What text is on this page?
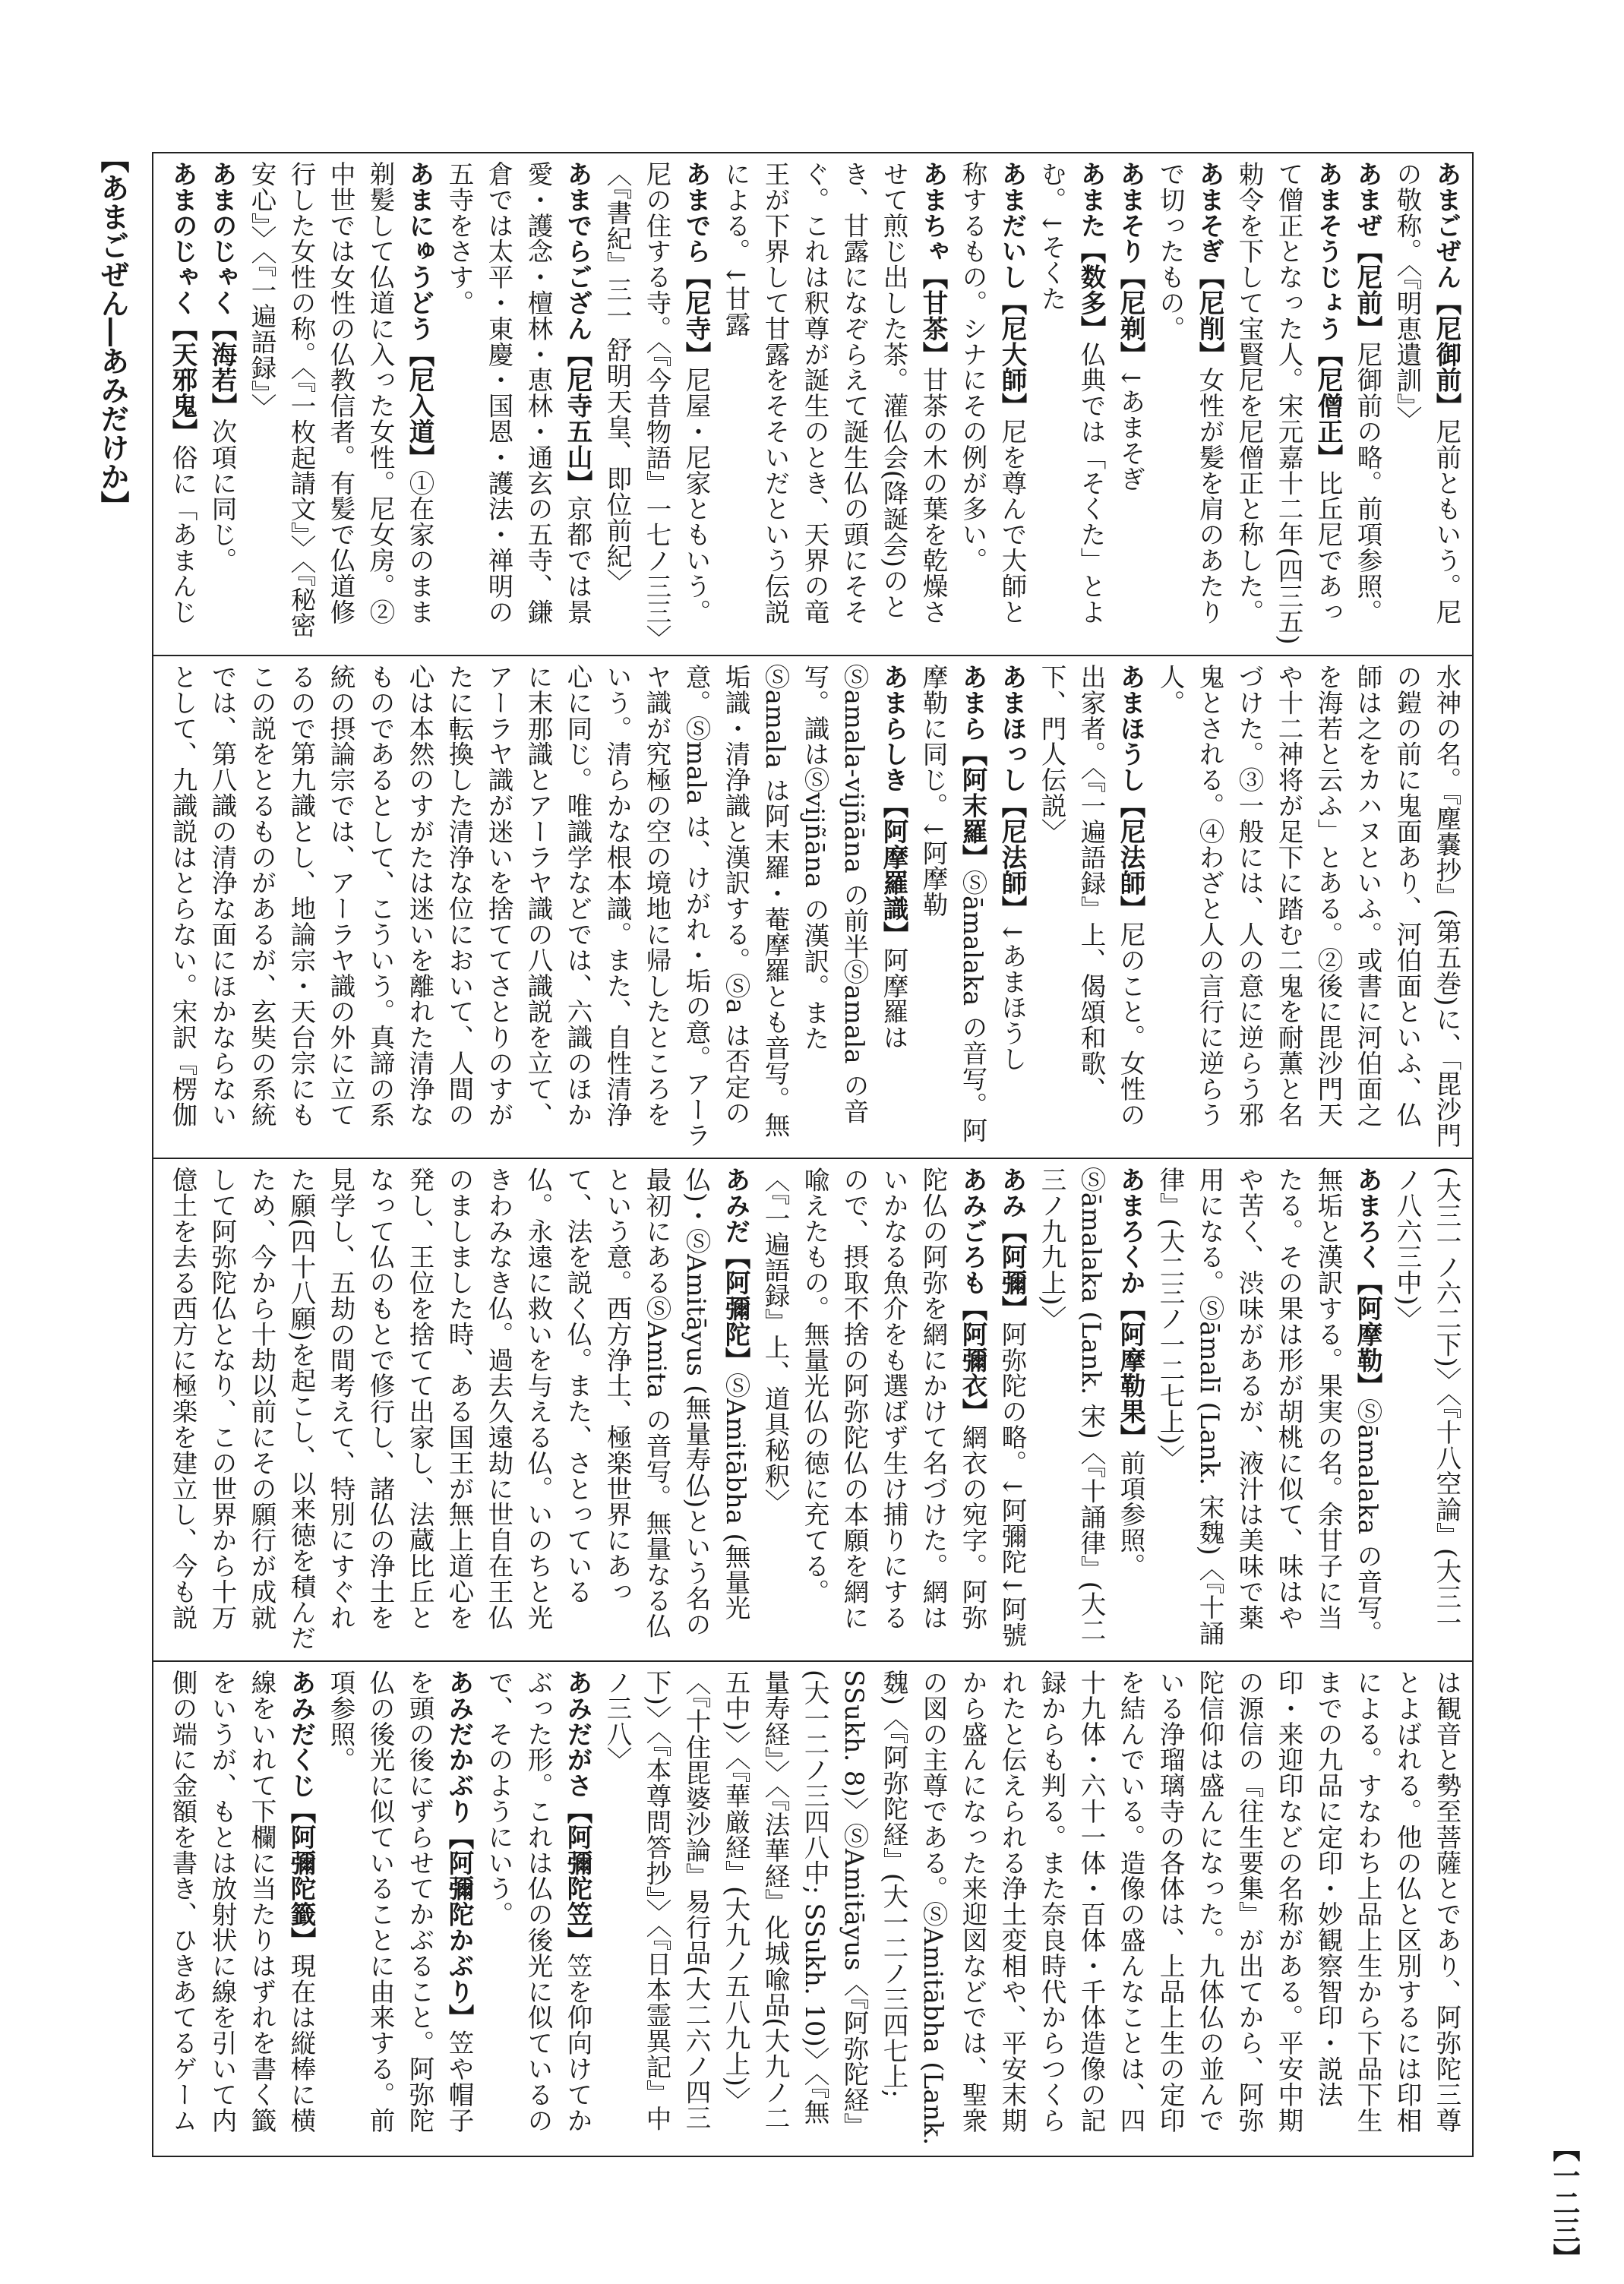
【あまごぜん―あみだけか】	あまごぜん【尼御前】尼前ともいう。尼の敬称。〈『明恵遺訓』〉

あまぜ【尼前】尼御前の略。前項参照。

あまそうじょう【尼僧正】比丘尼であって僧正となった人。宋元嘉十二年(四三五)勅令を下して宝賢尼を尼僧正と称した。

あまそぎ【尼削】女性が髪を肩のあたりで切ったもの。

あまそり【尼剃】↓あまそぎ

あまた【数多】仏典では「そくた」とよむ。↓そくた

あまだいし【尼大師】尼を尊んで大師と称するもの。シナにその例が多い。

あまちゃ【甘茶】甘茶の木の葉を乾燥させて煎じ出した茶。灌仏会(降誕会)のとき、甘露になぞらえて誕生仏の頭にそそぐ。これは釈尊が誕生のとき、天界の竜王が下界して甘露をそそいだという伝説による。↓甘露

あまでら【尼寺】尼屋・尼家ともいう。尼の住する寺。〈『今昔物語』一七ノ三三〉〈『書紀』三一 舒明天皇、即位前紀〉

あまでらござん【尼寺五山】京都では景愛・護念・檀林・恵林・通玄の五寺、鎌倉では太平・東慶・国恩・護法・禅明の五寺をさす。

あまにゅうどう【尼入道】①在家のまま剃髪して仏道に入った女性。尼女房。②中世では女性の仏教信者。有髪で仏道修行した女性の称。〈『一枚起請文』〉〈『秘密安心』〉〈『一遍語録』〉

あまのじゃく【海若】次項に同じ。

あまのじゃく【天邪鬼】俗に「あまんじ

水神の名。『塵嚢抄』(第五巻)に、「毘沙門の鎧の前に鬼面あり、河伯面といふ、仏師は之をカハヌといふ。或書に河伯面之を海若と云ふ」とある。②後に毘沙門天や十二神将が足下に踏む二鬼を耐薫と名づけた。③一般には、人の意に逆らう邪鬼とされる。④わざと人の言行に逆らう人。

あまほうし【尼法師】尼のこと。女性の出家者。〈『一遍語録』上、偈頌和歌、下、門人伝説〉

あまほっし【尼法師】↓あまほうし

あまら【阿末羅】Ⓢāmalaka の音写。阿摩勒に同じ。↓阿摩勒

あまらしき【阿摩羅識】阿摩羅はⓈamala-vijñāna の前半Ⓢamala の音写。識はⓈvijñāna の漢訳。またⓈamala は阿末羅・菴摩羅とも音写。無垢識・清浄識と漢訳する。Ⓢa は否定の意。Ⓢmala は、けがれ・垢の意。アーラヤ識が究極の空の境地に帰したところをいう。清らかな根本識。また、自性清浄心に同じ。唯識学などでは、六識のほかに末那識とアーラヤ識の八識説を立て、アーラヤ識が迷いを捨ててさとりのすがたに転換した清浄な位において、人間の心は本然のすがたは迷いを離れた清浄なものであるとして、こういう。真諦の系統の摂論宗では、アーラヤ識の外に立てるので第九識とし、地論宗・天台宗にもこの説をとるものがあるが、玄奘の系統では、第八識の清浄な面にほかならないとして、九識説はとらない。宋訳『楞伽

(大三一ノ六二下)〉〈『十八空論』(大三一ノ八六三中)〉

あまろく【阿摩勒】Ⓢāmalaka の音写。無垢と漢訳する。果実の名。余甘子に当たる。その果は形が胡桃に似て、味はやや苦く、渋味があるが、液汁は美味で薬用になる。Ⓢāmalī (Lank. 宋魏)〈『十誦律』(大二三ノ一二七上)〉

あまろくか【阿摩勒果】前項参照。Ⓢāmalaka (Lank. 宋)〈『十誦律』(大二三ノ九九上)〉

あみ【阿彌】阿弥陀の略。↓阿彌陀↓阿號

あみごろも【阿彌衣】網衣の宛字。阿弥陀仏の阿弥を網にかけて名づけた。網はいかなる魚介をも選ばず生け捕りにするので、摂取不捨の阿弥陀仏の本願を網に喩えたもの。無量光仏の徳に充てる。〈『一遍語録』上、道具秘釈〉

あみだ【阿彌陀】ⓈAmitābha (無量光仏)・ⓈAmitāyus (無量寿仏)という名の最初にあるⓈAmita の音写。無量なる仏という意。西方浄土、極楽世界にあって、法を説く仏。また、さとっている仏。永遠に救いを与える仏。いのちと光きわみなき仏。過去久遠劫に世自在王仏のましました時、ある国王が無上道心を発し、王位を捨てて出家し、法蔵比丘となって仏のもとで修行し、諸仏の浄土を見学し、五劫の間考えて、特別にすぐれた願(四十八願)を起こし、以来徳を積んだため、今から十劫以前にその願行が成就して阿弥陀仏となり、この世界から十万億土を去る西方に極楽を建立し、今も説

は観音と勢至菩薩とであり、阿弥陀三尊とよばれる。他の仏と区別するには印相による。すなわち上品上生から下品下生までの九品に定印・妙観察智印・説法印・来迎印などの名称がある。平安中期の源信の『往生要集』が出てから、阿弥陀信仰は盛んになった。九体仏の並んでいる浄瑠璃寺の各体は、上品上生の定印を結んでいる。造像の盛んなことは、四十九体・六十一体・百体・千体造像の記録からも判る。また奈良時代からつくられたと伝えられる浄土変相や、平安末期から盛んになった来迎図などでは、聖衆の図の主尊である。ⓈAmitābha (Lank. 魏)〈『阿弥陀経』(大一二ノ三四七上; SSukh. 8)〉ⓈAmitāyus〈『阿弥陀経』(大一二ノ三四八中; SSukh. 10)〉〈『無量寿経』〉〈『法華経』化城喩品(大九ノ二五中)〉〈『華厳経』(大九ノ五八九上)〉〈『十住毘婆沙論』易行品(大二六ノ四三下)〉〈『本尊問答抄』〉〈『日本霊異記』中ノ三八〉

あみだがさ【阿彌陀笠】笠を仰向けてかぶった形。これは仏の後光に似ているので、そのようにいう。

あみだかぶり【阿彌陀かぶり】笠や帽子を頭の後にずらせてかぶること。阿弥陀仏の後光に似ていることに由来する。前項参照。

あみだくじ【阿彌陀籤】現在は縦棒に横線をいれて下欄に当たりはずれを書く籤をいうが、もとは放射状に線を引いて内側の端に金額を書き、ひきあてるゲーム

【一二三】
